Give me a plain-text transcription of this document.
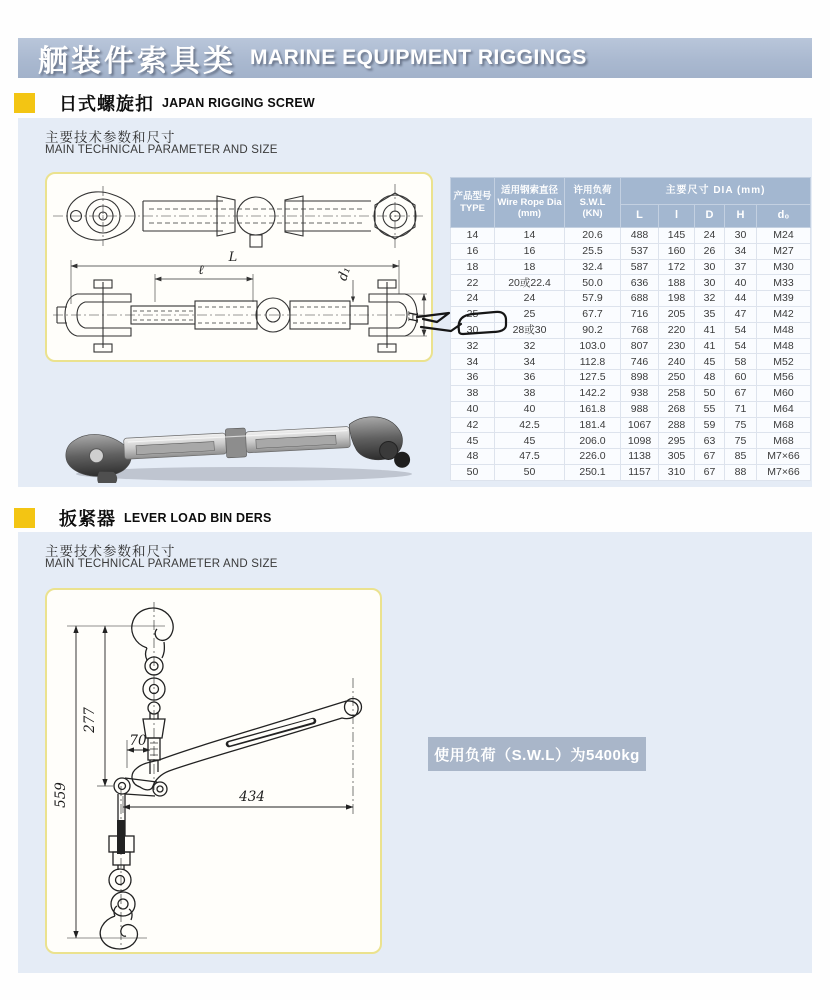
舾装件索具类 MARINE EQUIPMENT RIGGINGS
日式螺旋扣 JAPAN RIGGING SCREW
主要技术参数和尺寸
MAIN TECHNICAL PARAMETER AND SIZE
L
ℓ	d₁
H
产品型号
TYPE	适用钢索直径
Wire Rope Dia
(mm)	许用负荷
S.W.L
(KN)	主要尺寸 DIA (mm)				
			L	l	D	H	d₀
14	14	20.6	488	145	24	30	M24
16	16	25.5	537	160	26	34	M27
18	18	32.4	587	172	30	37	M30
22	20或22.4	50.0	636	188	30	40	M33
24	24	57.9	688	198	32	44	M39
25	25	67.7	716	205	35	47	M42
30	28或30	90.2	768	220	41	54	M48
32	32	103.0	807	230	41	54	M48
34	34	112.8	746	240	45	58	M52
36	36	127.5	898	250	48	60	M56
38	38	142.2	938	258	50	67	M60
40	40	161.8	988	268	55	71	M64
42	42.5	181.4	1067	288	59	75	M68
45	45	206.0	1098	295	63	75	M68
48	47.5	226.0	1138	305	67	85	M7×66
50	50	250.1	1157	310	67	88	M7×66
扳紧器 LEVER LOAD BIN DERS
主要技术参数和尺寸
MAIN TECHNICAL PARAMETER AND SIZE
277
70
559	434
使用负荷（S.W.L）为5400kg
